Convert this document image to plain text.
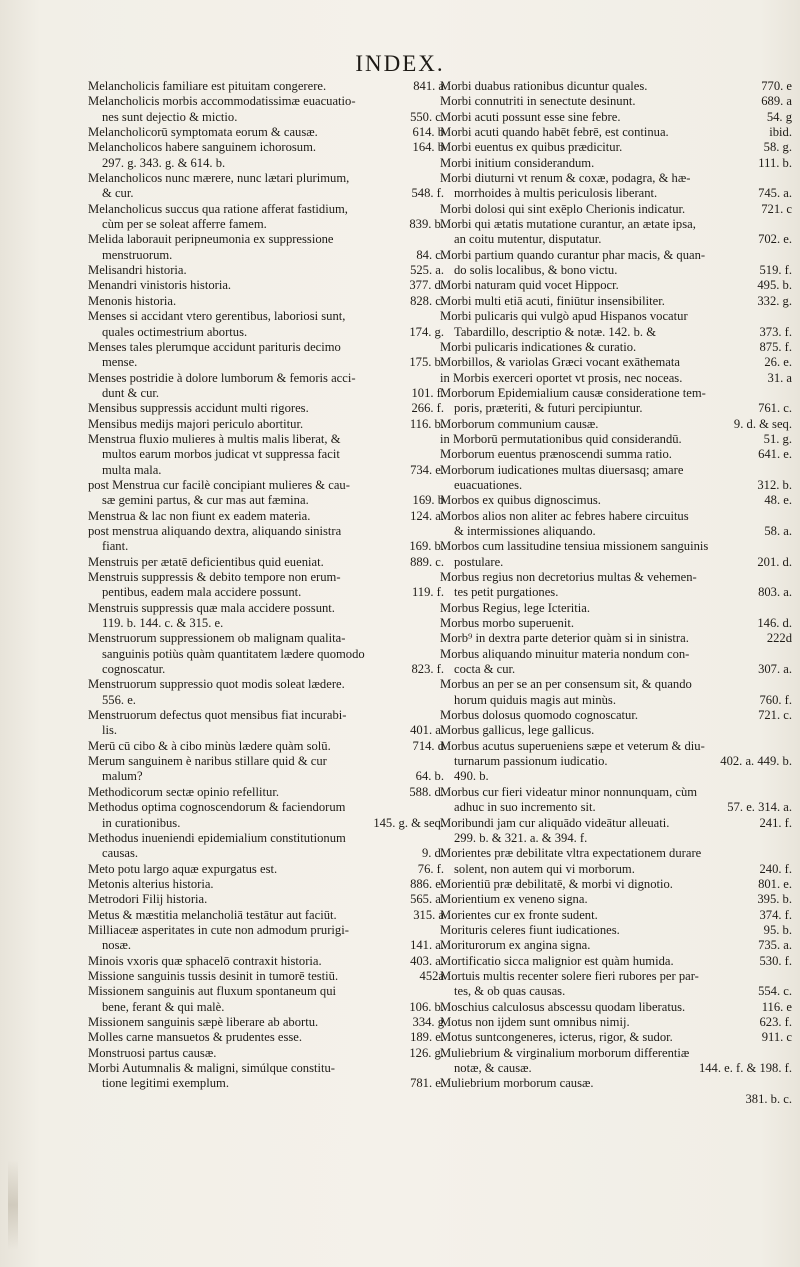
INDEX.
Melancholicis familiare est pituitam congerere.	841. a
Melancholicis morbis accommodatissimæ euacuatio-
nes sunt dejectio & mictio.	550. c.
Melancholicorū symptomata eorum & causæ.	614. b
Melancholicos habere sanguinem ichorosum.	164. b
297. g. 343. g. & 614. b.
Melancholicos nunc mærere, nunc lætari plurimum,
& cur.	548. f.
Melancholicus succus qua ratione afferat fastidium,
cùm per se soleat afferre famem.	839. b.
Melida laborauit peripneumonia ex suppressione
menstruorum.	84. c.
Melisandri historia.	525. a.
Menandri vinistoris historia.	377. d.
Menonis historia.	828. c.
Menses si accidant vtero gerentibus, laboriosi sunt,
quales octimestrium abortus.	174. g.
Menses tales plerumque accidunt parituris decimo
mense.	175. b.
Menses postridie à dolore lumborum & femoris acci-
dunt & cur.	101. f.
Mensibus suppressis accidunt multi rigores.	266. f.
Mensibus medijs majori periculo abortitur.	116. b.
Menstrua fluxio mulieres à multis malis liberat, &
multos earum morbos judicat vt suppressa facit
multa mala.	734. e.
post Menstrua cur facilè concipiant mulieres & cau-
sæ gemini partus, & cur mas aut fæmina.	169. b
Menstrua & lac non fiunt ex eadem materia.	124. a.
post menstrua aliquando dextra, aliquando sinistra
fiant.	169. b.
Menstruis per ætatē deficientibus quid eueniat.	889. c.
Menstruis suppressis & debito tempore non erum-
pentibus, eadem mala accidere possunt.	119. f.
Menstruis suppressis quæ mala accidere possunt.
119. b. 144. c. & 315. e.
Menstruorum suppressionem ob malignam qualita-
sanguinis potiùs quàm quantitatem lædere quomodo
cognoscatur.	823. f.
Menstruorum suppressio quot modis soleat lædere.
556. e.
Menstruorum defectus quot mensibus fiat incurabi-
lis.	401. a.
Merū cū cibo & à cibo minùs lædere quàm solū.	714. d
Merum sanguinem è naribus stillare quid & cur
malum?	64. b.
Methodicorum sectæ opinio refellitur.	588. d.
Methodus optima cognoscendorum & faciendorum
in curationibus.	145. g. & seq.
Methodus inueniendi epidemialium constitutionum
causas.	9. d.
Meto potu largo aquæ expurgatus est.	76. f.
Metonis alterius historia.	886. e.
Metrodori Filij historia.	565. a.
Metus & mæstitia melancholiā testātur aut faciūt.	315. a
Milliaceæ asperitates in cute non admodum prurigi-
nosæ.	141. a.
Minois vxoris quæ sphacelō contraxit historia.	403. a.
Missione sanguinis tussis desinit in tumorē testiū.	452a
Missionem sanguinis aut fluxum spontaneum qui
bene, ferant & qui malè.	106. b.
Missionem sanguinis sæpè liberare ab abortu.	334. g
Molles carne mansuetos & prudentes esse.	189. e.
Monstruosi partus causæ.	126. g.
Morbi Autumnalis & maligni, simúlque constitu-
tione legitimi exemplum.	781. e.
Morbi duabus rationibus dicuntur quales.	770. e
Morbi connutriti in senectute desinunt.	689. a
Morbi acuti possunt esse sine febre.	54. g
Morbi acuti quando habēt febrē, est continua.	ibid.
Morbi euentus ex quibus prædicitur.	58. g.
Morbi initium considerandum.	111. b.
Morbi diuturni vt renum & coxæ, podagra, & hæ-
morrhoides à multis periculosis liberant.	745. a.
Morbi dolosi qui sint exēplo Cherionis indicatur.	721. c
Morbi qui ætatis mutatione curantur, an ætate ipsa,
an coitu mutentur, disputatur.	702. e.
Morbi partium quando curantur phar macis, & quan-
do solis localibus, & bono victu.	519. f.
Morbi naturam quid vocet Hippocr.	495. b.
Morbi multi etiā acuti, finiūtur insensibiliter.	332. g.
Morbi pulicaris qui vulgò apud Hispanos vocatur
Tabardillo, descriptio & notæ. 142. b. &	373. f.
Morbi pulicaris indicationes & curatio.	875. f.
Morbillos, & variolas Græci vocant exāthemata	26. e.
in Morbis exerceri oportet vt prosis, nec noceas.	31. a
Morborum Epidemialium causæ consideratione tem-
poris, præteriti, & futuri percipiuntur.	761. c.
Morborum communium causæ.	9. d. & seq.
in Morborū permutationibus quid considerandū.	51. g.
Morborum euentus prænoscendi summa ratio.	641. e.
Morborum iudicationes multas diuersasq; amare
euacuationes.	312. b.
Morbos ex quibus dignoscimus.	48. e.
Morbos alios non aliter ac febres habere circuitus
& intermissiones aliquando.	58. a.
Morbos cum lassitudine tensiua missionem sanguinis
postulare.	201. d.
Morbus regius non decretorius multas & vehemen-
tes petit purgationes.	803. a.
Morbus Regius, lege Icteritia.
Morbus morbo superuenit.	146. d.
Morb⁹ in dextra parte deterior quàm si in sinistra.	222d
Morbus aliquando minuitur materia nondum con-
cocta & cur.	307. a.
Morbus an per se an per consensum sit, & quando
horum quiduis magis aut minùs.	760. f.
Morbus dolosus quomodo cognoscatur.	721. c.
Morbus gallicus, lege gallicus.
Morbus acutus superueniens sæpe et veterum & diu-
turnarum passionum iudicatio.	402. a. 449. b.
490. b.
Morbus cur fieri videatur minor nonnunquam, cùm
adhuc in suo incremento sit.	57. e. 314. a.
Moribundi jam cur aliquādo videātur alleuati.	241. f.
299. b. & 321. a. & 394. f.
Morientes præ debilitate vltra expectationem durare
solent, non autem qui vi morborum.	240. f.
Morientiū præ debilitatē, & morbi vi dignotio.	801. e.
Morientium ex veneno signa.	395. b.
Morientes cur ex fronte sudent.	374. f.
Morituris celeres fiunt iudicationes.	95. b.
Moriturorum ex angina signa.	735. a.
Mortificatio sicca malignior est quàm humida.	530. f.
Mortuis multis recenter solere fieri rubores per par-
tes, & ob quas causas.	554. c.
Moschius calculosus abscessu quodam liberatus.	116. e
Motus non ijdem sunt omnibus nimij.	623. f.
Motus suntcongeneres, icterus, rigor, & sudor.	911. c
Muliebrium & virginalium morborum differentiæ
notæ, & causæ.	144. e. f. & 198. f.
Muliebrium morborum causæ.
381. b. c.
